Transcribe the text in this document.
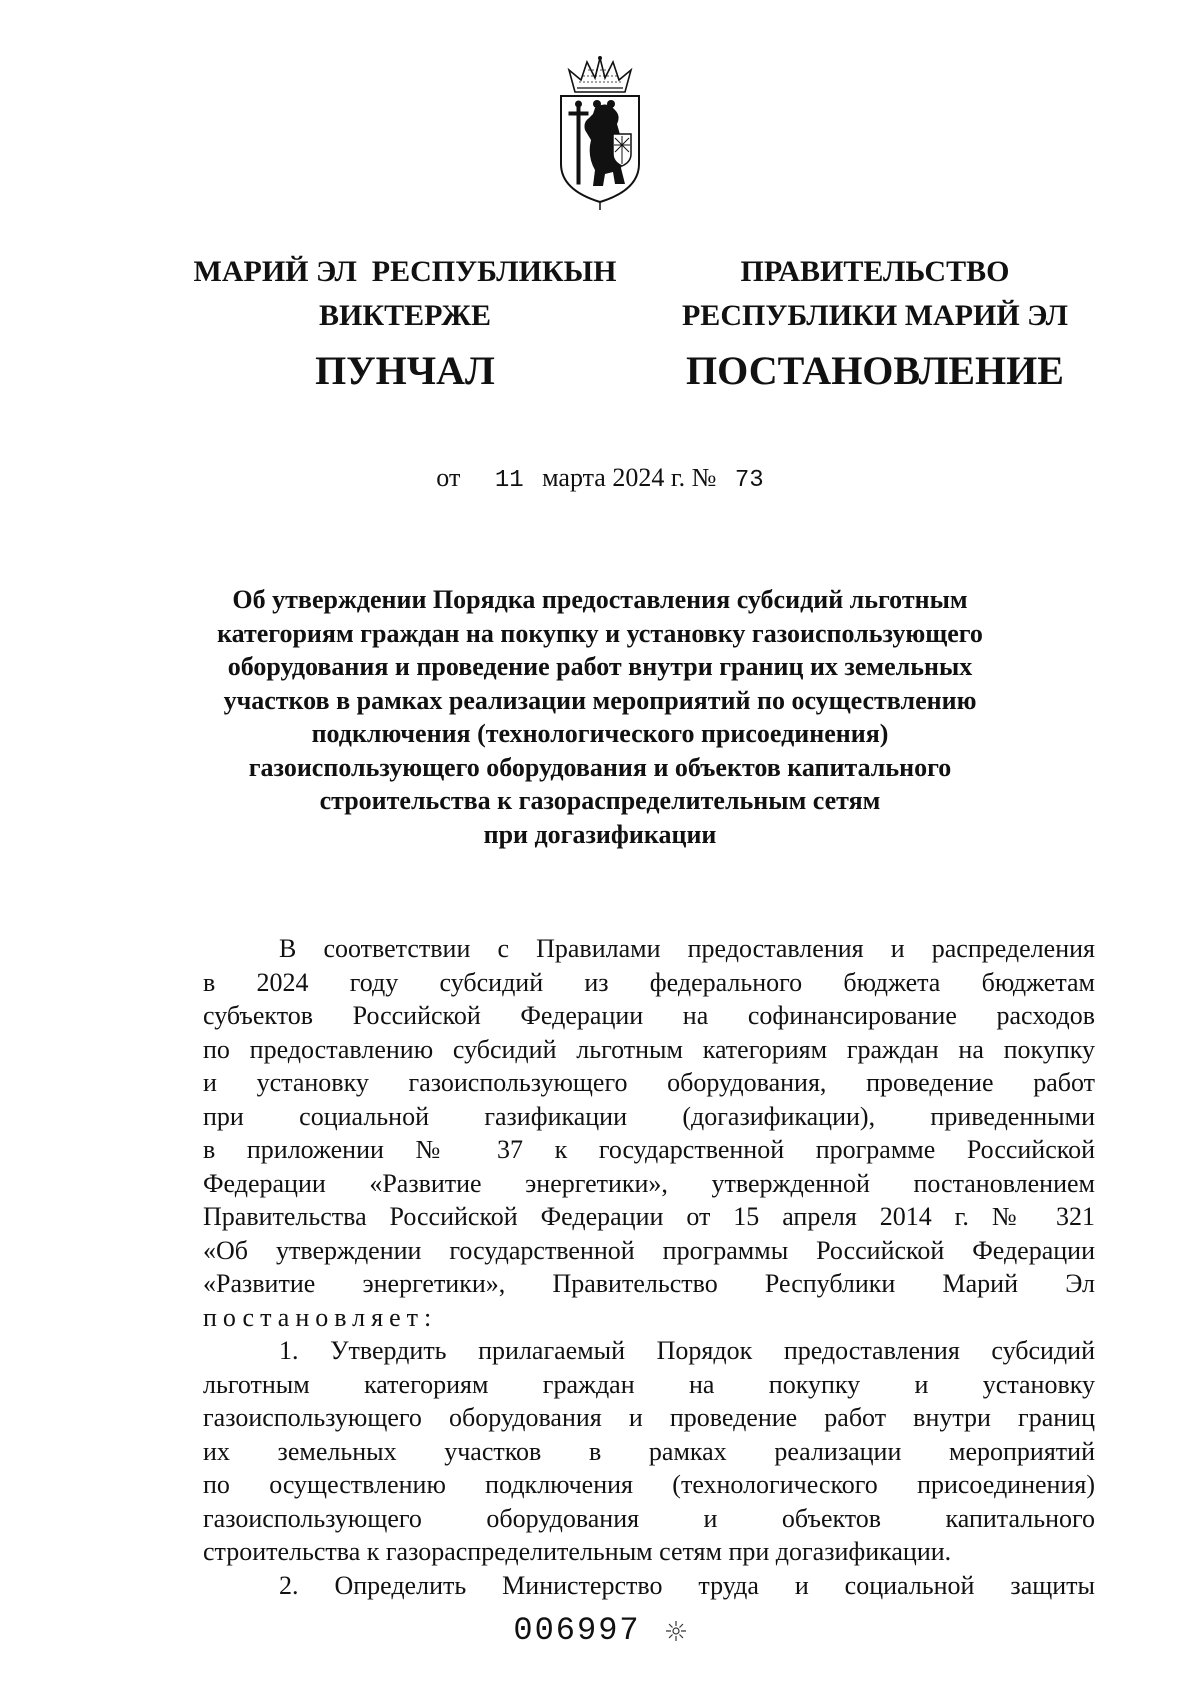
МАРИЙ ЭЛ  РЕСПУБЛИКЫН
ВИКТЕРЖЕ
ПУНЧАЛ
ПРАВИТЕЛЬСТВО
РЕСПУБЛИКИ МАРИЙ ЭЛ
ПОСТАНОВЛЕНИЕ
от 11 марта 2024 г. № 73
Об утверждении Порядка предоставления субсидий льготным
категориям граждан на покупку и установку газоиспользующего
оборудования и проведение работ внутри границ их земельных
участков в рамках реализации мероприятий по осуществлению
подключения (технологического присоединения)
газоиспользующего оборудования и объектов капитального
строительства к газораспределительным сетям
при догазификации
В соответствии с Правилами предоставления и распределения
в 2024 году субсидий из федерального бюджета бюджетам
субъектов Российской Федерации на софинансирование расходов
по предоставлению субсидий льготным категориям граждан на покупку
и установку газоиспользующего оборудования, проведение работ
при социальной газификации (догазификации), приведенными
в приложении № 37 к государственной программе Российской
Федерации «Развитие энергетики», утвержденной постановлением
Правительства Российской Федерации от 15 апреля 2014 г. № 321
«Об утверждении государственной программы Российской Федерации
«Развитие энергетики», Правительство Республики Марий Эл
постановляет:
1. Утвердить прилагаемый Порядок предоставления субсидий
льготным категориям граждан на покупку и установку
газоиспользующего оборудования и проведение работ внутри границ
их земельных участков в рамках реализации мероприятий
по осуществлению подключения (технологического присоединения)
газоиспользующего оборудования и объектов капитального
строительства к газораспределительным сетям при догазификации.
2. Определить Министерство труда и социальной защиты
006997
